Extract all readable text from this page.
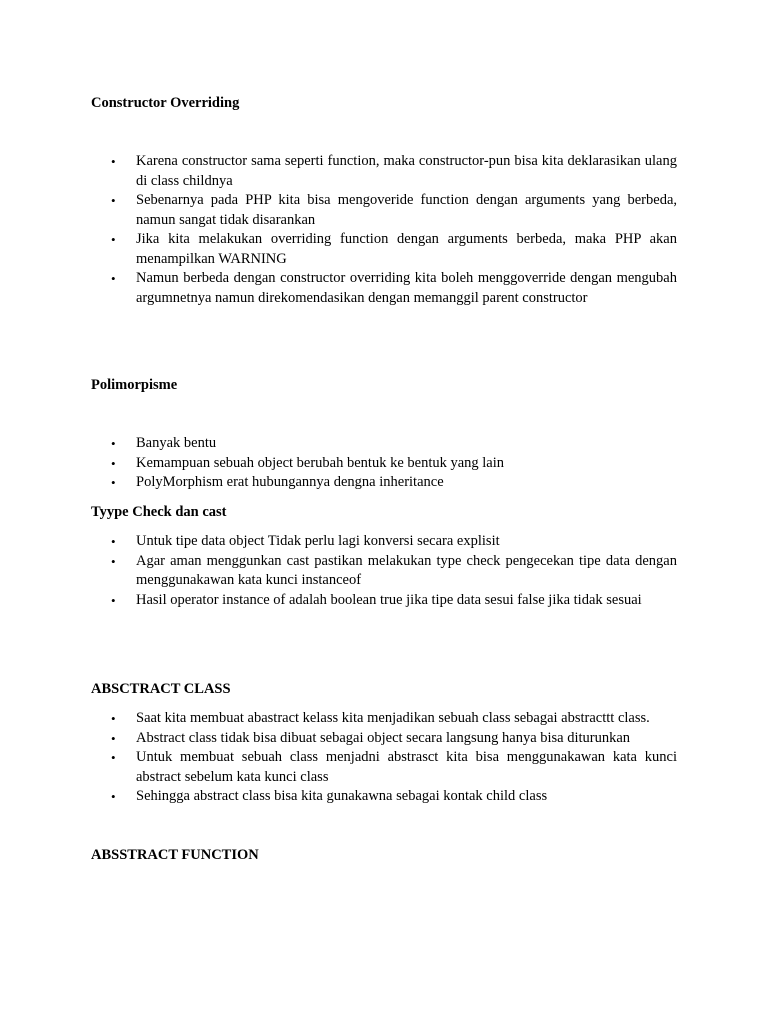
Constructor Overriding
• Karena constructor sama seperti function, maka constructor-pun bisa kita deklarasikan ulang di class childnya
• Sebenarnya pada PHP kita bisa mengoveride function dengan arguments yang berbeda, namun sangat tidak disarankan
• Jika kita melakukan overriding function dengan arguments berbeda, maka PHP akan menampilkan WARNING
• Namun berbeda dengan constructor overriding kita boleh menggoverride dengan mengubah argumnetnya namun direkomendasikan dengan memanggil parent constructor
Polimorpisme
• Banyak bentu
• Kemampuan sebuah object berubah bentuk ke bentuk yang lain
• PolyMorphism erat hubungannya dengna inheritance
Tyype Check dan cast
• Untuk tipe data object Tidak perlu lagi konversi secara explisit
• Agar aman menggunkan cast pastikan melakukan type check pengecekan tipe data dengan menggunakawan kata kunci instanceof
• Hasil operator instance of adalah boolean true jika tipe data sesui false jika tidak sesuai
ABSCTRACT CLASS
• Saat kita membuat abastract kelass kita menjadikan sebuah class sebagai abstracttt class.
• Abstract class tidak bisa dibuat sebagai object secara langsung hanya bisa diturunkan
• Untuk membuat sebuah class menjadni abstrasct kita bisa menggunakawan kata kunci abstract sebelum kata kunci class
• Sehingga abstract class bisa kita gunakawna sebagai kontak child class
ABSSTRACT FUNCTION
